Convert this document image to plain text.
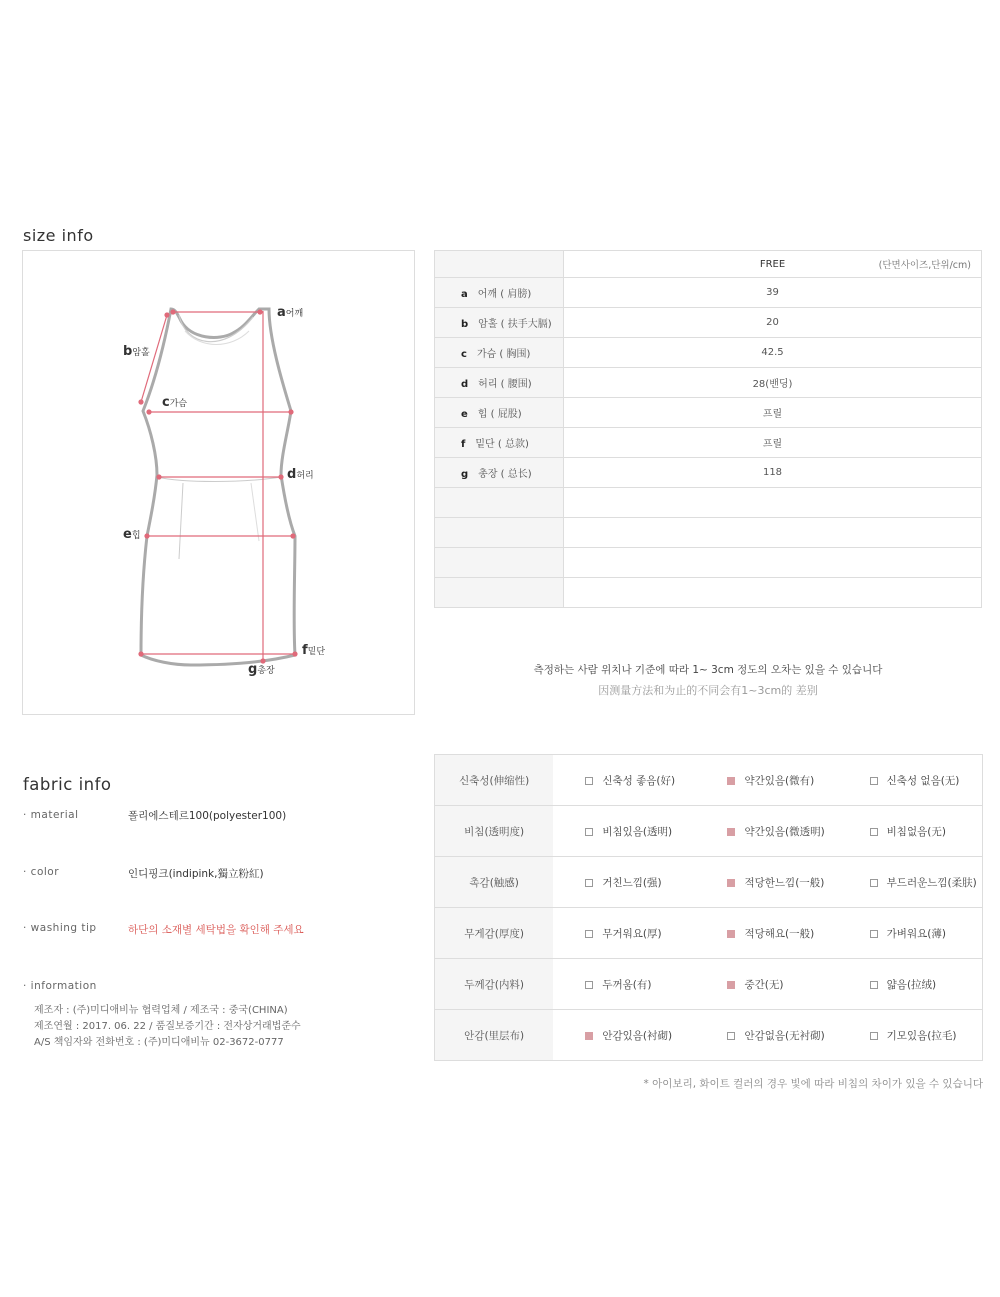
size info
a어깨
b암홀
c가슴
d허리
e힙
f밑단
g총장
	FREE (단면사이즈,단위/cm)

a 어깨 ( 肩膀)	39
b 암홀 ( 扶手大膈)	20
c 가슴 ( 胸围)	42.5
d 허리 ( 腰围)	28(밴딩)
e 힙 ( 屁股)	프릴
f 밑단 ( 总款)	프릴
g 총장 ( 总长)	118

측정하는 사람 위치나 기준에 따라 1~ 3cm 정도의 오차는 있을 수 있습니다
因测量方法和为止的不同会有1~3cm的 差别
fabric info
· material	폴리에스테르100(polyester100)
· color	인디핑크(indipink,獨立粉紅)
· washing tip	하단의 소재별 세탁법을 확인해 주세요
· information
제조자 : (주)미디애비뉴 협력업체 / 제조국 : 중국(CHINA)
제조연월 : 2017. 06. 22 / 품질보증기간 : 전자상거래법준수
A/S 책임자와 전화번호 : (주)미디애비뉴 02-3672-0777
신축성(伸缩性)	신축성 좋음(好)	약간있음(微有)	신축성 없음(无)
비침(透明度)	비침있음(透明)	약간있음(微透明)	비침없음(无)
촉감(触感)	거친느낌(强)	적당한느낌(一般)	부드러운느낌(柔肤)
무게감(厚度)	무거워요(厚)	적당해요(一般)	가벼워요(薄)
두께감(内料)	두꺼움(有)	중간(无)	얇음(拉绒)
안감(里层布)	안감있음(衬砌)	안감없음(无衬砌)	기모있음(拉毛)
* 아이보리, 화이트 컬러의 경우 빛에 따라 비침의 차이가 있을 수 있습니다
